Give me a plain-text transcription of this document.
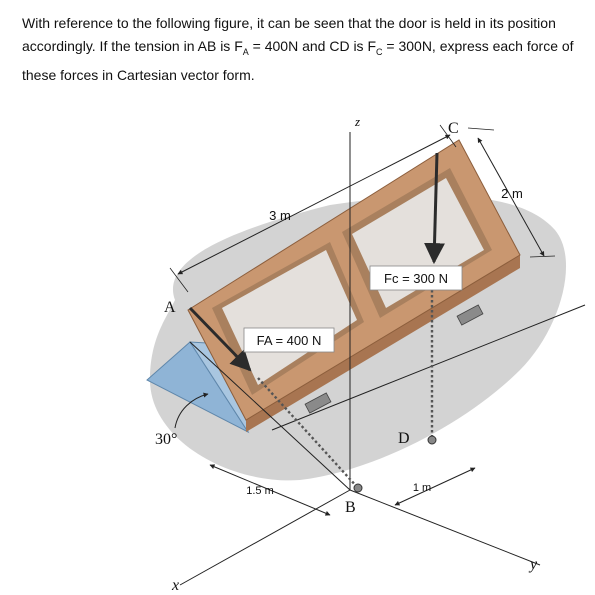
With reference to the following figure, it can be seen that the door is held in its position

accordingly. If the tension in AB is $F_A = 400N$ and CD is $F_C = 300N$, express each force of

these forces in Cartesian vector form.

Fc = 300 N
FA = 400 N
3 m
2 m
1.5 m	1 m
z
x
y
A
B
C
D
30°
